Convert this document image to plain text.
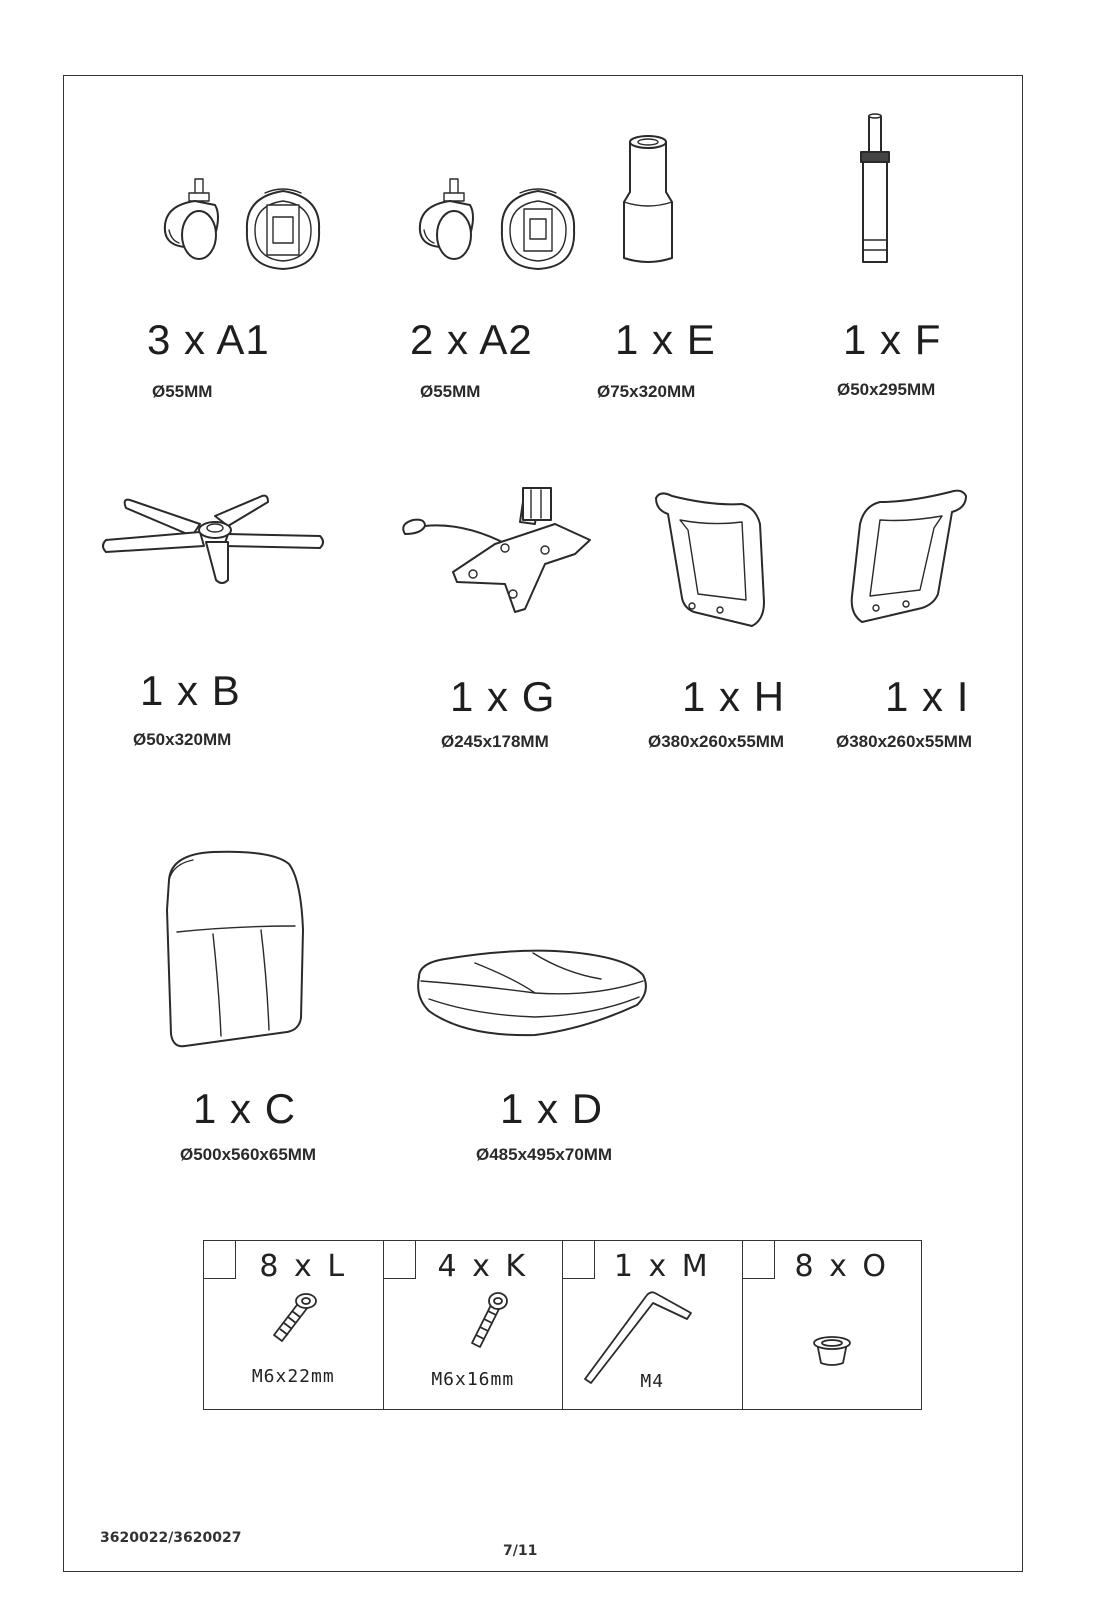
3 x A1
Ø55MM
2 x A2
Ø55MM
1 x E
Ø75x320MM
1 x F
Ø50x295MM
1 x B
Ø50x320MM
1 x G
Ø245x178MM
1 x H
Ø380x260x55MM
1 x I
Ø380x260x55MM
1 x C
Ø500x560x65MM
1 x D
Ø485x495x70MM
8 x L
M6x22mm
4 x K
M6x16mm
1 x M
M4
8 x O
3620022/3620027
7/11
